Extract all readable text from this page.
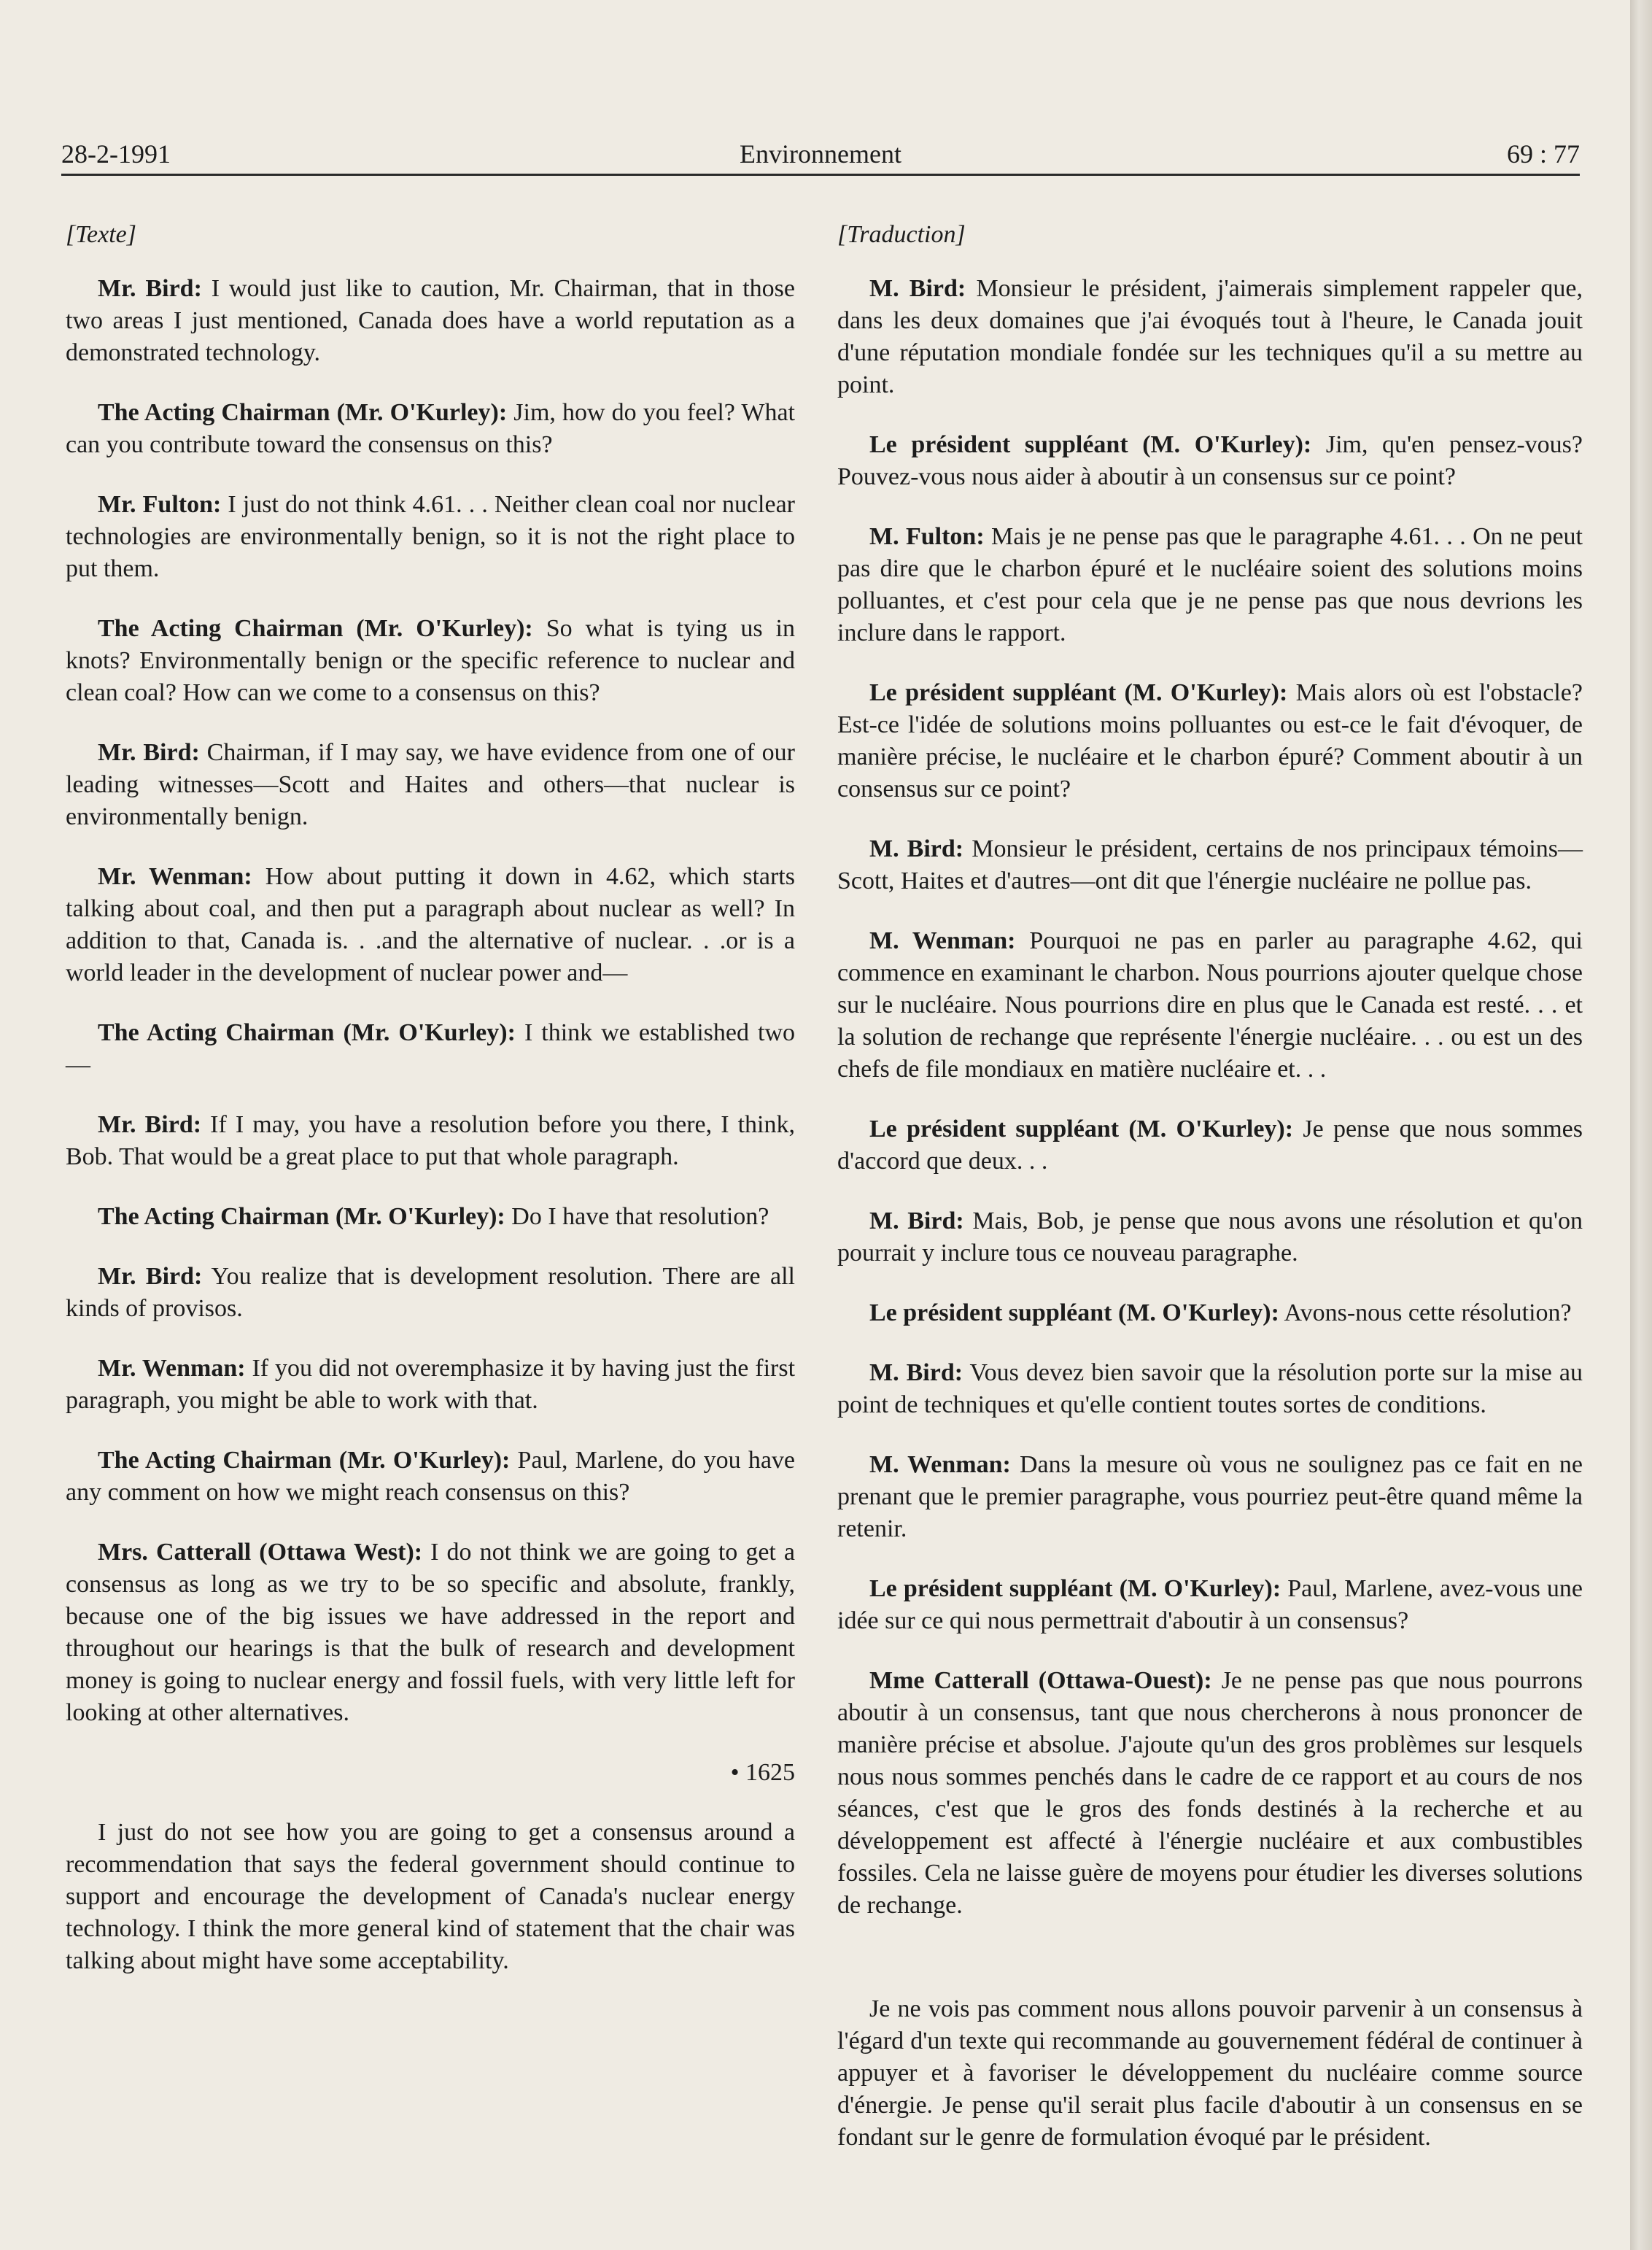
28-2-1991	Environnement	69 : 77

[Texte]

Mr. Bird: I would just like to caution, Mr. Chairman, that in those two areas I just mentioned, Canada does have a world reputation as a demonstrated technology.

The Acting Chairman (Mr. O'Kurley): Jim, how do you feel? What can you contribute toward the consensus on this?

Mr. Fulton: I just do not think 4.61. . . Neither clean coal nor nuclear technologies are environmentally benign, so it is not the right place to put them.

The Acting Chairman (Mr. O'Kurley): So what is tying us in knots? Environmentally benign or the specific reference to nuclear and clean coal? How can we come to a consensus on this?

Mr. Bird: Chairman, if I may say, we have evidence from one of our leading witnesses—Scott and Haites and others—that nuclear is environmentally benign.

Mr. Wenman: How about putting it down in 4.62, which starts talking about coal, and then put a paragraph about nuclear as well? In addition to that, Canada is. . .and the alternative of nuclear. . .or is a world leader in the development of nuclear power and—

The Acting Chairman (Mr. O'Kurley): I think we established two—

Mr. Bird: If I may, you have a resolution before you there, I think, Bob. That would be a great place to put that whole paragraph.

The Acting Chairman (Mr. O'Kurley): Do I have that resolution?

Mr. Bird: You realize that is development resolution. There are all kinds of provisos.

Mr. Wenman: If you did not overemphasize it by having just the first paragraph, you might be able to work with that.

The Acting Chairman (Mr. O'Kurley): Paul, Marlene, do you have any comment on how we might reach consensus on this?

Mrs. Catterall (Ottawa West): I do not think we are going to get a consensus as long as we try to be so specific and absolute, frankly, because one of the big issues we have addressed in the report and throughout our hearings is that the bulk of research and development money is going to nuclear energy and fossil fuels, with very little left for looking at other alternatives.

• 1625

I just do not see how you are going to get a consensus around a recommendation that says the federal government should continue to support and encourage the development of Canada's nuclear energy technology. I think the more general kind of statement that the chair was talking about might have some acceptability.

[Traduction]

M. Bird: Monsieur le président, j'aimerais simplement rappeler que, dans les deux domaines que j'ai évoqués tout à l'heure, le Canada jouit d'une réputation mondiale fondée sur les techniques qu'il a su mettre au point.

Le président suppléant (M. O'Kurley): Jim, qu'en pensez-vous? Pouvez-vous nous aider à aboutir à un consensus sur ce point?

M. Fulton: Mais je ne pense pas que le paragraphe 4.61. . . On ne peut pas dire que le charbon épuré et le nucléaire soient des solutions moins polluantes, et c'est pour cela que je ne pense pas que nous devrions les inclure dans le rapport.

Le président suppléant (M. O'Kurley): Mais alors où est l'obstacle? Est-ce l'idée de solutions moins polluantes ou est-ce le fait d'évoquer, de manière précise, le nucléaire et le charbon épuré? Comment aboutir à un consensus sur ce point?

M. Bird: Monsieur le président, certains de nos principaux témoins—Scott, Haites et d'autres—ont dit que l'énergie nucléaire ne pollue pas.

M. Wenman: Pourquoi ne pas en parler au paragraphe 4.62, qui commence en examinant le charbon. Nous pourrions ajouter quelque chose sur le nucléaire. Nous pourrions dire en plus que le Canada est resté. . . et la solution de rechange que représente l'énergie nucléaire. . . ou est un des chefs de file mondiaux en matière nucléaire et. . .

Le président suppléant (M. O'Kurley): Je pense que nous sommes d'accord que deux. . .

M. Bird: Mais, Bob, je pense que nous avons une résolution et qu'on pourrait y inclure tous ce nouveau paragraphe.

Le président suppléant (M. O'Kurley): Avons-nous cette résolution?

M. Bird: Vous devez bien savoir que la résolution porte sur la mise au point de techniques et qu'elle contient toutes sortes de conditions.

M. Wenman: Dans la mesure où vous ne soulignez pas ce fait en ne prenant que le premier paragraphe, vous pourriez peut-être quand même la retenir.

Le président suppléant (M. O'Kurley): Paul, Marlene, avez-vous une idée sur ce qui nous permettrait d'aboutir à un consensus?

Mme Catterall (Ottawa-Ouest): Je ne pense pas que nous pourrons aboutir à un consensus, tant que nous chercherons à nous prononcer de manière précise et absolue. J'ajoute qu'un des gros problèmes sur lesquels nous nous sommes penchés dans le cadre de ce rapport et au cours de nos séances, c'est que le gros des fonds destinés à la recherche et au développement est affecté à l'énergie nucléaire et aux combustibles fossiles. Cela ne laisse guère de moyens pour étudier les diverses solutions de rechange.

Je ne vois pas comment nous allons pouvoir parvenir à un consensus à l'égard d'un texte qui recommande au gouvernement fédéral de continuer à appuyer et à favoriser le développement du nucléaire comme source d'énergie. Je pense qu'il serait plus facile d'aboutir à un consensus en se fondant sur le genre de formulation évoqué par le président.
